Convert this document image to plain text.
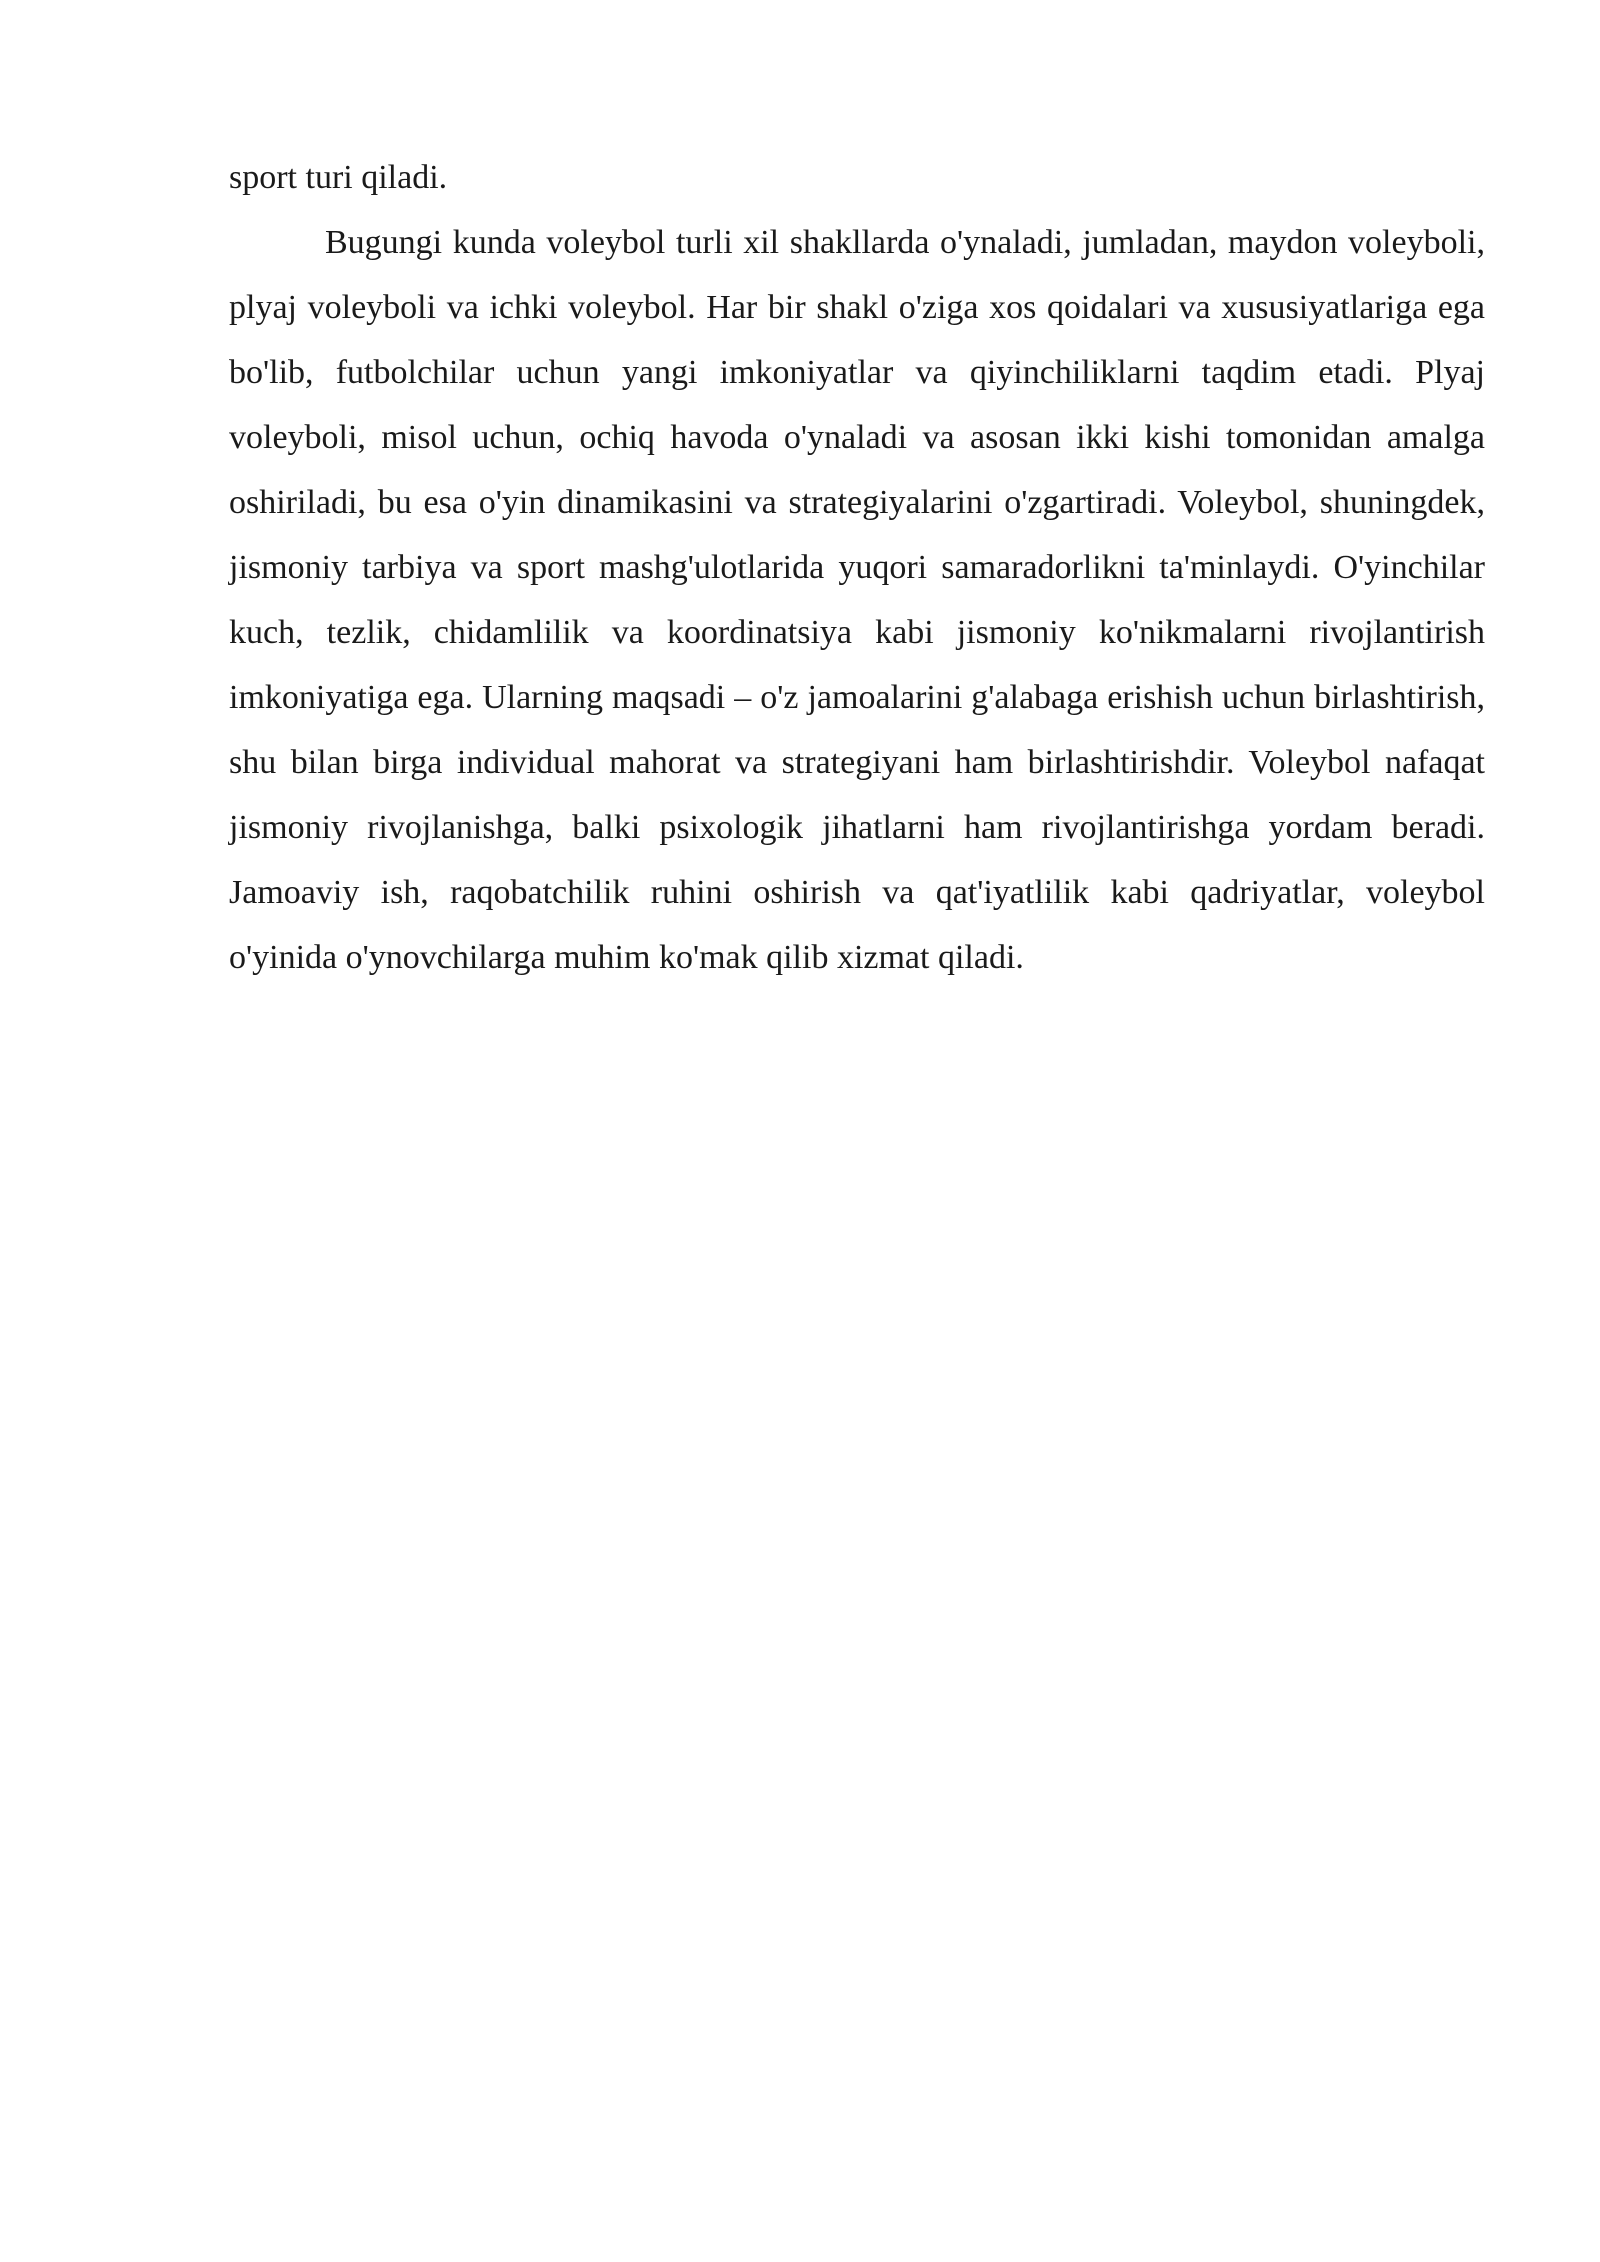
sport turi qiladi.

Bugungi kunda voleybol turli xil shakllarda o'ynaladi, jumladan, maydon voleyboli, plyaj voleyboli va ichki voleybol. Har bir shakl o'ziga xos qoidalari va xususiyatlariga ega bo'lib, futbolchilar uchun yangi imkoniyatlar va qiyinchiliklarni taqdim etadi. Plyaj voleyboli, misol uchun, ochiq havoda o'ynaladi va asosan ikki kishi tomonidan amalga oshiriladi, bu esa o'yin dinamikasini va strategiyalarini o'zgartiradi. Voleybol, shuningdek, jismoniy tarbiya va sport mashg'ulotlarida yuqori samaradorlikni ta'minlaydi. O'yinchilar kuch, tezlik, chidamlilik va koordinatsiya kabi jismoniy ko'nikmalarni rivojlantirish imkoniyatiga ega. Ularning maqsadi – o'z jamoalarini g'alabaga erishish uchun birlashtirish, shu bilan birga individual mahorat va strategiyani ham birlashtirishdir. Voleybol nafaqat jismoniy rivojlanishga, balki psixologik jihatlarni ham rivojlantirishga yordam beradi. Jamoaviy ish, raqobatchilik ruhini oshirish va qat'iyatlilik kabi qadriyatlar, voleybol o'yinida o'ynovchilarga muhim ko'mak qilib xizmat qiladi.
